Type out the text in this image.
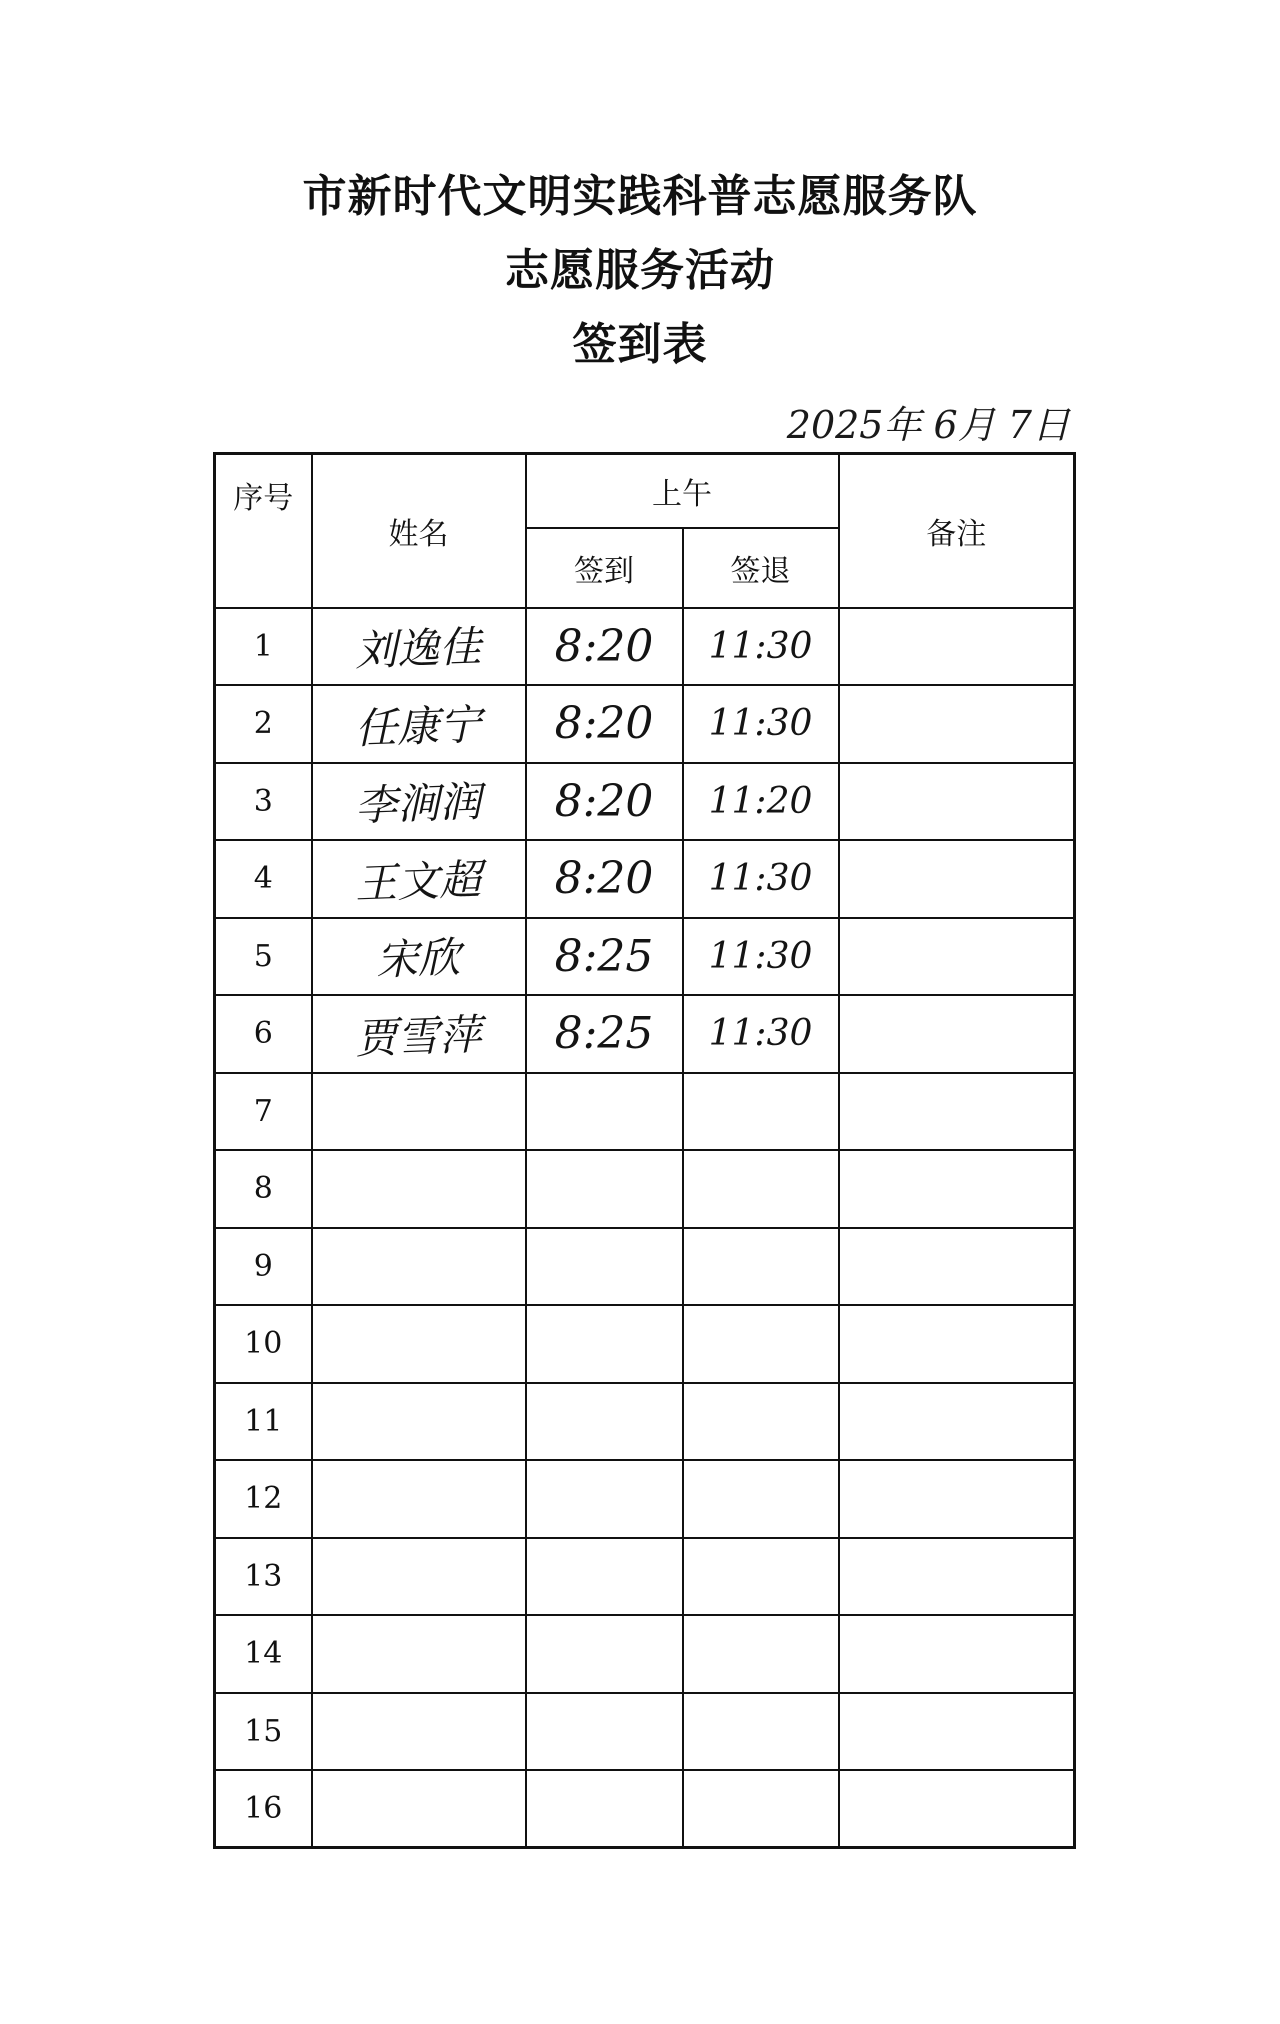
市新时代文明实践科普志愿服务队
志愿服务活动
签到表
2025年 6月 7日
序号	姓名	上午		备注
		签到	签退	
1	刘逸佳	8:20	11:30	
2	任康宁	8:20	11:30	
3	李涧润	8:20	11:20	
4	王文超	8:20	11:30	
5	宋欣	8:25	11:30	
6	贾雪萍	8:25	11:30	
7				
8				
9				
10				
11				
12				
13				
14				
15				
16				
